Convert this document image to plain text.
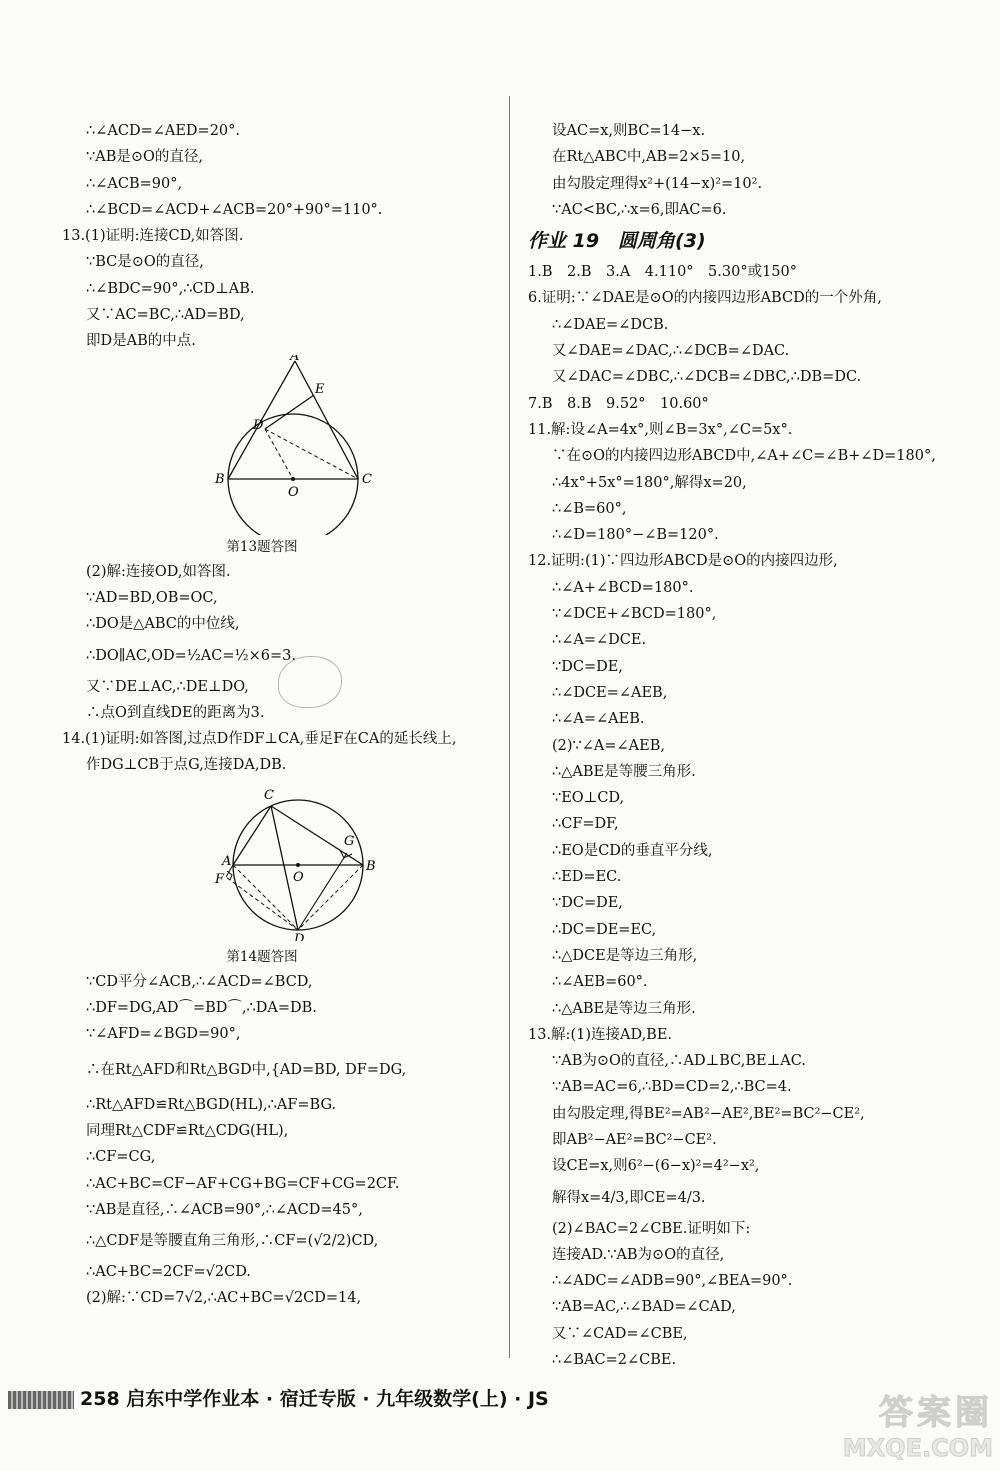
∴∠ACD=∠AED=20°.
∵AB是⊙O的直径,
∴∠ACB=90°,
∴∠BCD=∠ACD+∠ACB=20°+90°=110°.
13.(1)证明:连接CD,如答图.
∵BC是⊙O的直径,
∴∠BDC=90°,∴CD⊥AB.
又∵AC=BC,∴AD=BD,
即D是AB的中点.
A
E
D
B
O
C
第13题答图
(2)解:连接OD,如答图.
∵AD=BD,OB=OC,
∴DO是△ABC的中位线,
∴DO∥AC,OD=½AC=½×6=3.
又∵DE⊥AC,∴DE⊥DO,
∴点O到直线DE的距离为3.
14.(1)证明:如答图,过点D作DF⊥CA,垂足F在CA的延长线上,
作DG⊥CB于点G,连接DA,DB.
C
A
G
B
F	O
D
第14题答图
∵CD平分∠ACB,∴∠ACD=∠BCD,
∴DF=DG,AD⌒=BD⌒,∴DA=DB.
∵∠AFD=∠BGD=90°,
∴在Rt△AFD和Rt△BGD中,{AD=BD, DF=DG,
∴Rt△AFD≌Rt△BGD(HL),∴AF=BG.
同理Rt△CDF≌Rt△CDG(HL),
∴CF=CG,
∴AC+BC=CF−AF+CG+BG=CF+CG=2CF.
∵AB是直径,∴∠ACB=90°,∴∠ACD=45°,
∴△CDF是等腰直角三角形,∴CF=(√2/2)CD,
∴AC+BC=2CF=√2CD.
(2)解:∵CD=7√2,∴AC+BC=√2CD=14,
设AC=x,则BC=14−x.
在Rt△ABC中,AB=2×5=10,
由勾股定理得x²+(14−x)²=10².
∵AC<BC,∴x=6,即AC=6.
作业 19　圆周角(3)
1.B　2.B　3.A　4.110°　5.30°或150°
6.证明:∵∠DAE是⊙O的内接四边形ABCD的一个外角,
∴∠DAE=∠DCB.
又∠DAE=∠DAC,∴∠DCB=∠DAC.
又∠DAC=∠DBC,∴∠DCB=∠DBC,∴DB=DC.
7.B　8.B　9.52°　10.60°
11.解:设∠A=4x°,则∠B=3x°,∠C=5x°.
∵在⊙O的内接四边形ABCD中,∠A+∠C=∠B+∠D=180°,
∴4x°+5x°=180°,解得x=20,
∴∠B=60°,
∴∠D=180°−∠B=120°.
12.证明:(1)∵四边形ABCD是⊙O的内接四边形,
∴∠A+∠BCD=180°.
∵∠DCE+∠BCD=180°,
∴∠A=∠DCE.
∵DC=DE,
∴∠DCE=∠AEB,
∴∠A=∠AEB.
(2)∵∠A=∠AEB,
∴△ABE是等腰三角形.
∵EO⊥CD,
∴CF=DF,
∴EO是CD的垂直平分线,
∴ED=EC.
∵DC=DE,
∴DC=DE=EC,
∴△DCE是等边三角形,
∴∠AEB=60°.
∴△ABE是等边三角形.
13.解:(1)连接AD,BE.
∵AB为⊙O的直径,∴AD⊥BC,BE⊥AC.
∵AB=AC=6,∴BD=CD=2,∴BC=4.
由勾股定理,得BE²=AB²−AE²,BE²=BC²−CE²,
即AB²−AE²=BC²−CE².
设CE=x,则6²−(6−x)²=4²−x²,
解得x=4/3,即CE=4/3.
(2)∠BAC=2∠CBE.证明如下:
连接AD.∵AB为⊙O的直径,
∴∠ADC=∠ADB=90°,∠BEA=90°.
∵AB=AC,∴∠BAD=∠CAD,
又∵∠CAD=∠CBE,
∴∠BAC=2∠CBE.
258 启东中学作业本 · 宿迁专版 · 九年级数学(上) · JS	答案圈
MXQE.COM
